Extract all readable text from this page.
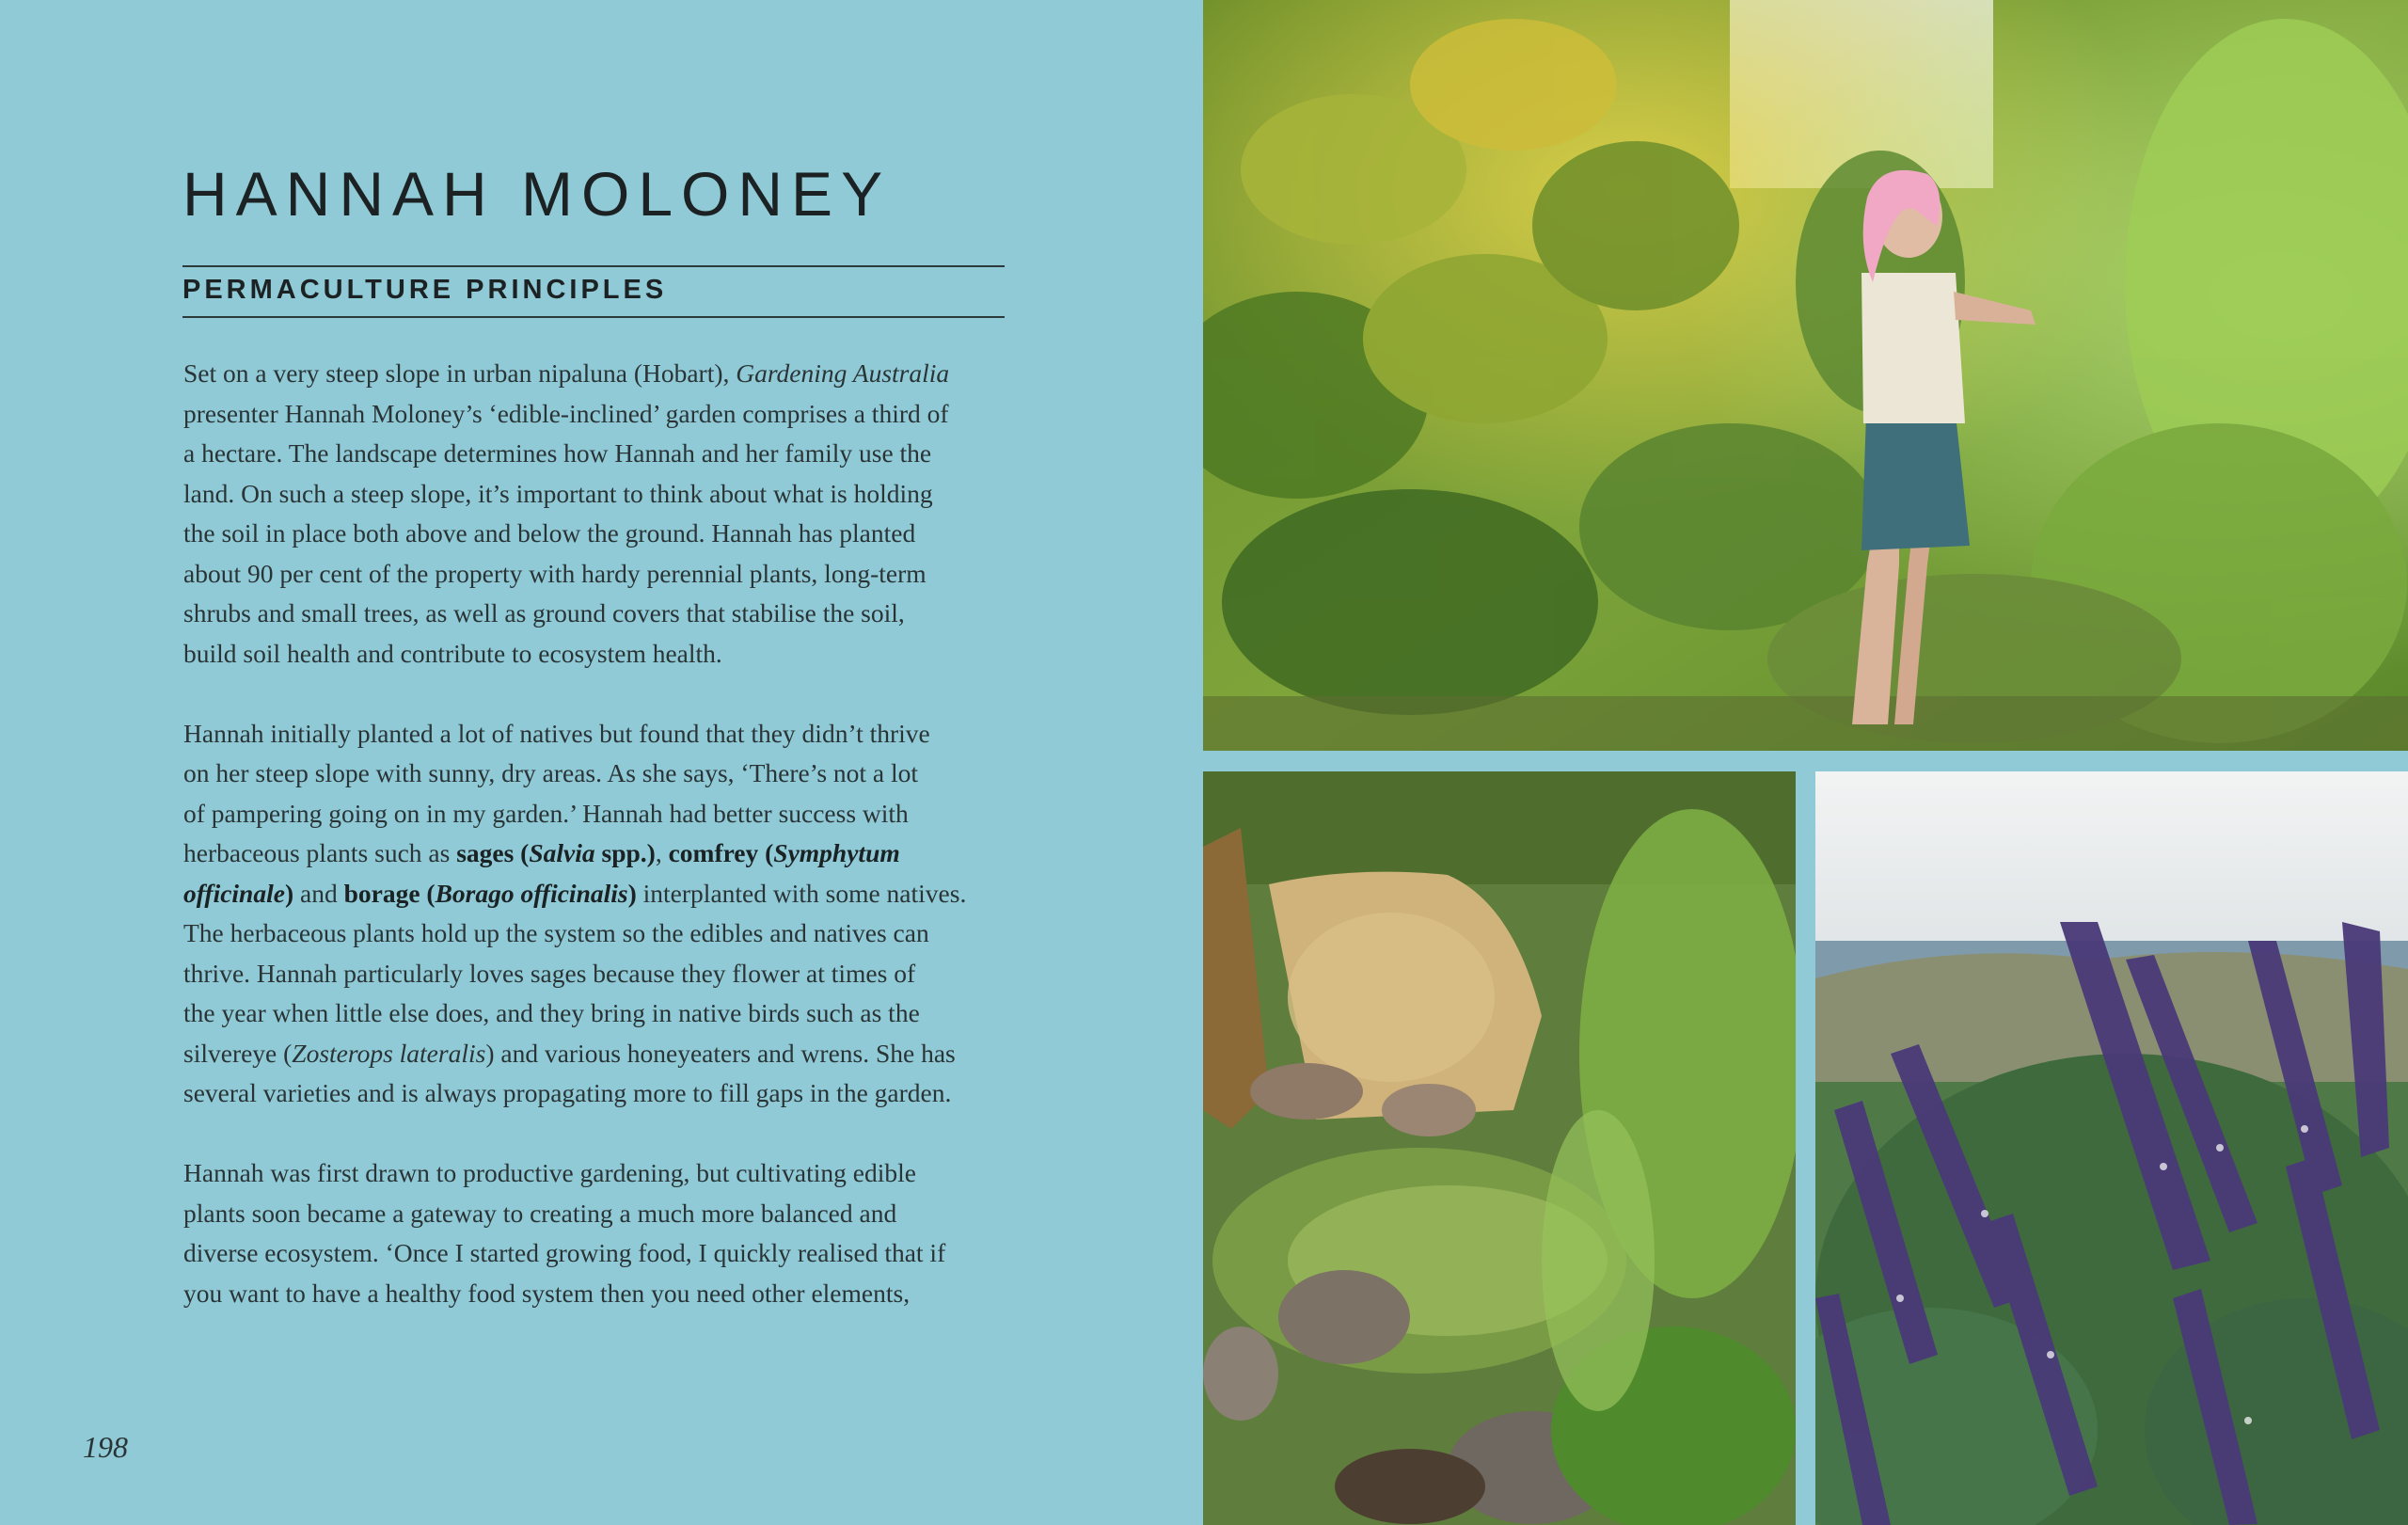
HANNAH MOLONEY
PERMACULTURE PRINCIPLES

Set on a very steep slope in urban nipaluna (Hobart), Gardening Australia
presenter Hannah Moloney’s ‘edible-inclined’ garden comprises a third of
a hectare. The landscape determines how Hannah and her family use the
land. On such a steep slope, it’s important to think about what is holding
the soil in place both above and below the ground. Hannah has planted
about 90 per cent of the property with hardy perennial plants, long-term
shrubs and small trees, as well as ground covers that stabilise the soil,
build soil health and contribute to ecosystem health.

Hannah initially planted a lot of natives but found that they didn’t thrive
on her steep slope with sunny, dry areas. As she says, ‘There’s not a lot
of pampering going on in my garden.’ Hannah had better success with
herbaceous plants such as sages (Salvia spp.), comfrey (Symphytum
officinale) and borage (Borago officinalis) interplanted with some natives.
The herbaceous plants hold up the system so the edibles and natives can
thrive. Hannah particularly loves sages because they flower at times of
the year when little else does, and they bring in native birds such as the
silvereye (Zosterops lateralis) and various honeyeaters and wrens. She has
several varieties and is always propagating more to fill gaps in the garden.

Hannah was first drawn to productive gardening, but cultivating edible
plants soon became a gateway to creating a much more balanced and
diverse ecosystem. ‘Once I started growing food, I quickly realised that if
you want to have a healthy food system then you need other elements,

198
